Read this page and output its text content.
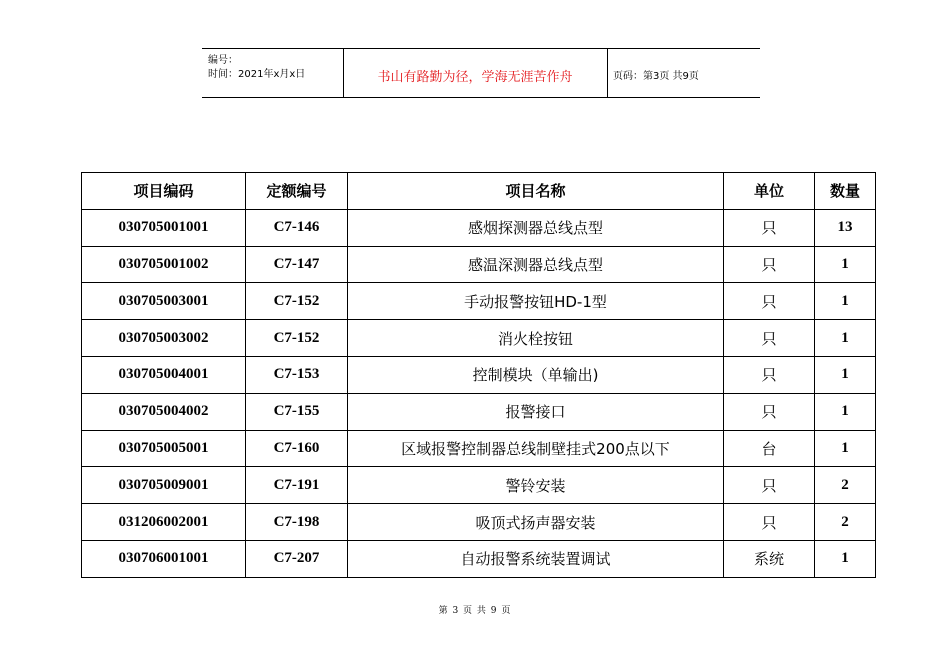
编号：
时间：2021年x月x日	书山有路勤为径，学海无涯苦作舟	页码：第3页 共9页
项目编码	定额编号	项目名称	单位	数量
030705001001	C7-146	感烟探测器总线点型	只	13
030705001002	C7-147	感温深测器总线点型	只	1
030705003001	C7-152	手动报警按钮HD-1型	只	1
030705003002	C7-152	消火栓按钮	只	1
030705004001	C7-153	控制模块（单输出)	只	1
030705004002	C7-155	报警接口	只	1
030705005001	C7-160	区域报警控制器总线制壁挂式200点以下	台	1
030705009001	C7-191	警铃安装	只	2
031206002001	C7-198	吸顶式扬声器安装	只	2
030706001001	C7-207	自动报警系统装置调试	系统	1
第 3 页 共 9 页
